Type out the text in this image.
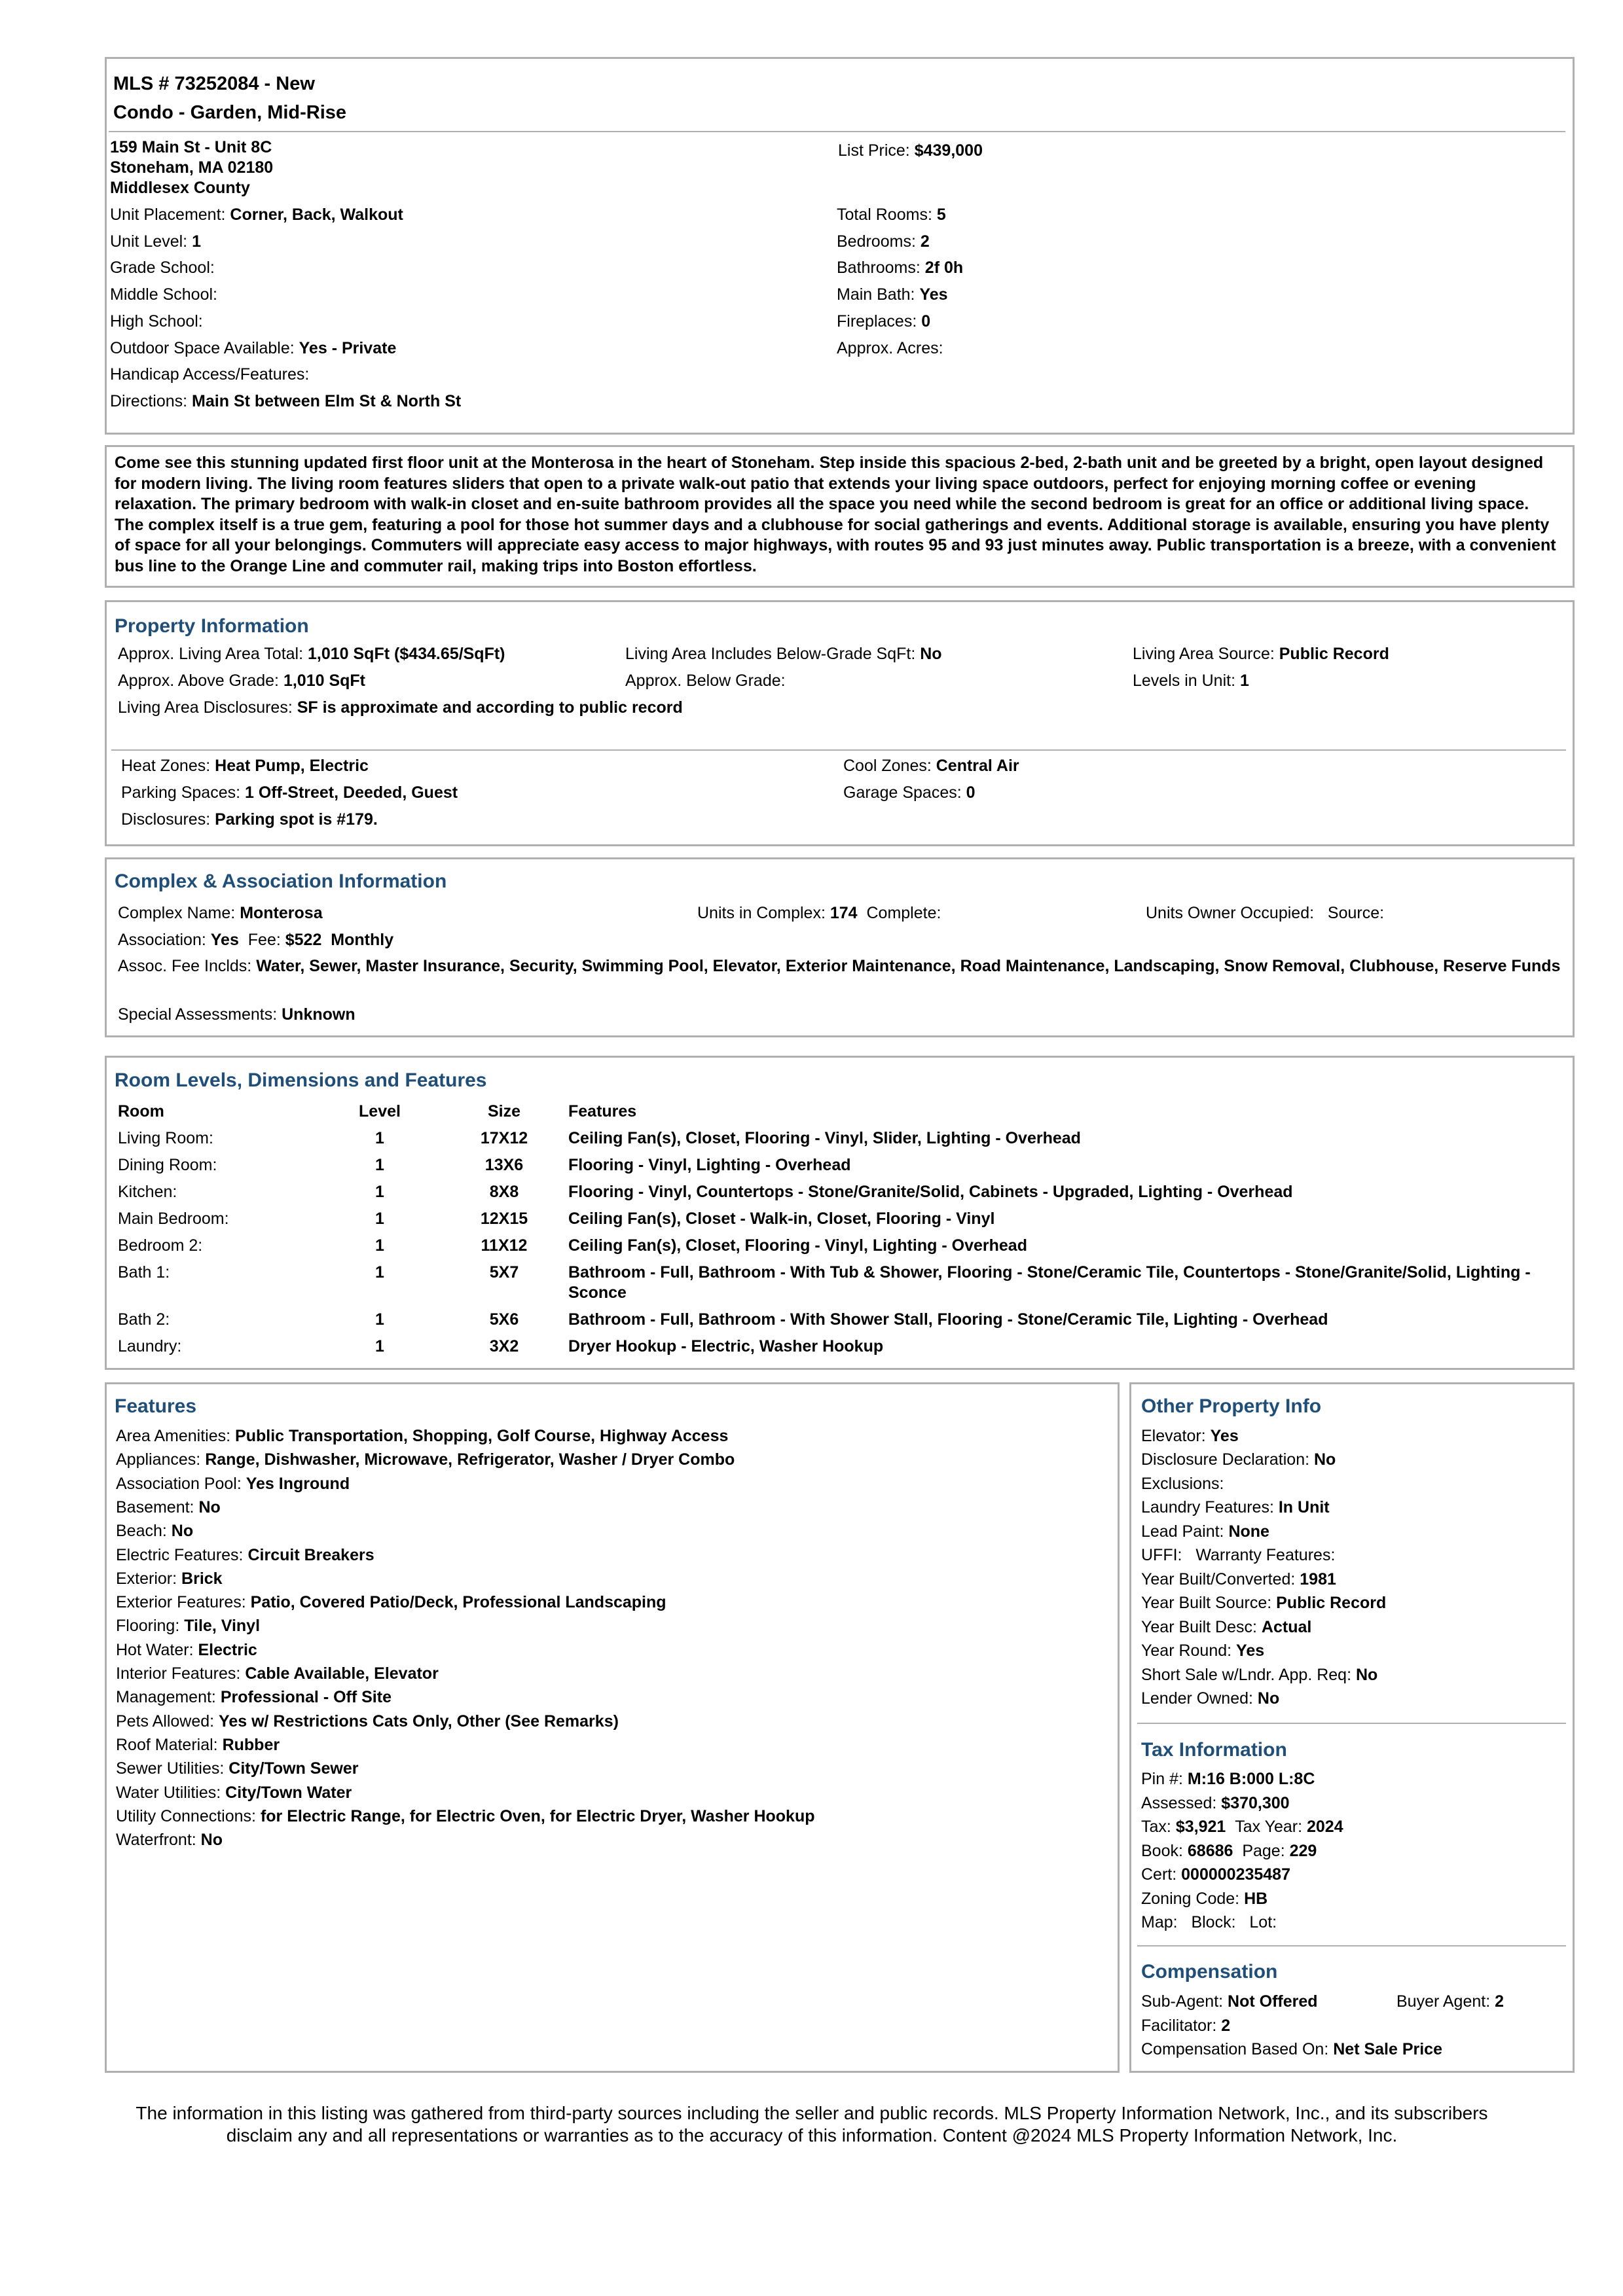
MLS # 73252084 - New
Condo - Garden, Mid-Rise
159 Main St - Unit 8C
Stoneham, MA 02180
Middlesex County
List Price: $439,000
Unit Placement: Corner, Back, Walkout
Unit Level: 1
Grade School:
Middle School:
High School:
Outdoor Space Available: Yes - Private
Handicap Access/Features:
Directions: Main St between Elm St & North St
Total Rooms: 5
Bedrooms: 2
Bathrooms: 2f 0h
Main Bath: Yes
Fireplaces: 0
Approx. Acres:
Come see this stunning updated first floor unit at the Monterosa in the heart of Stoneham. Step inside this spacious 2-bed, 2-bath unit and be greeted by a bright, open layout designed for modern living. The living room features sliders that open to a private walk-out patio that extends your living space outdoors, perfect for enjoying morning coffee or evening relaxation. The primary bedroom with walk-in closet and en-suite bathroom provides all the space you need while the second bedroom is great for an office or additional living space. The complex itself is a true gem, featuring a pool for those hot summer days and a clubhouse for social gatherings and events. Additional storage is available, ensuring you have plenty of space for all your belongings. Commuters will appreciate easy access to major highways, with routes 95 and 93 just minutes away. Public transportation is a breeze, with a convenient bus line to the Orange Line and commuter rail, making trips into Boston effortless.
Property Information
Approx. Living Area Total: 1,010 SqFt ($434.65/SqFt)	Living Area Includes Below-Grade SqFt: No	Living Area Source: Public Record
Approx. Above Grade: 1,010 SqFt	Approx. Below Grade:	Levels in Unit: 1
Living Area Disclosures: SF is approximate and according to public record
Heat Zones: Heat Pump, Electric	Cool Zones: Central Air
Parking Spaces: 1 Off-Street, Deeded, Guest	Garage Spaces: 0
Disclosures: Parking spot is #179.
Complex & Association Information
Complex Name: Monterosa	Units in Complex: 174 Complete:	Units Owner Occupied: Source:
Association: Yes Fee: $522 Monthly
Assoc. Fee Inclds: Water, Sewer, Master Insurance, Security, Swimming Pool, Elevator, Exterior Maintenance, Road Maintenance, Landscaping, Snow Removal, Clubhouse, Reserve Funds
Special Assessments: Unknown
Room Levels, Dimensions and Features
Room	Level	Size	Features
Living Room:	1	17X12	Ceiling Fan(s), Closet, Flooring - Vinyl, Slider, Lighting - Overhead
Dining Room:	1	13X6	Flooring - Vinyl, Lighting - Overhead
Kitchen:	1	8X8	Flooring - Vinyl, Countertops - Stone/Granite/Solid, Cabinets - Upgraded, Lighting - Overhead
Main Bedroom:	1	12X15	Ceiling Fan(s), Closet - Walk-in, Closet, Flooring - Vinyl
Bedroom 2:	1	11X12	Ceiling Fan(s), Closet, Flooring - Vinyl, Lighting - Overhead
Bath 1:	1	5X7	Bathroom - Full, Bathroom - With Tub & Shower, Flooring - Stone/Ceramic Tile, Countertops - Stone/Granite/Solid, Lighting - Sconce
Bath 2:	1	5X6	Bathroom - Full, Bathroom - With Shower Stall, Flooring - Stone/Ceramic Tile, Lighting - Overhead
Laundry:	1	3X2	Dryer Hookup - Electric, Washer Hookup
Features
Area Amenities: Public Transportation, Shopping, Golf Course, Highway Access
Appliances: Range, Dishwasher, Microwave, Refrigerator, Washer / Dryer Combo
Association Pool: Yes Inground
Basement: No
Beach: No
Electric Features: Circuit Breakers
Exterior: Brick
Exterior Features: Patio, Covered Patio/Deck, Professional Landscaping
Flooring: Tile, Vinyl
Hot Water: Electric
Interior Features: Cable Available, Elevator
Management: Professional - Off Site
Pets Allowed: Yes w/ Restrictions Cats Only, Other (See Remarks)
Roof Material: Rubber
Sewer Utilities: City/Town Sewer
Water Utilities: City/Town Water
Utility Connections: for Electric Range, for Electric Oven, for Electric Dryer, Washer Hookup
Waterfront: No
Other Property Info
Elevator: Yes
Disclosure Declaration: No
Exclusions:
Laundry Features: In Unit
Lead Paint: None
UFFI: Warranty Features:
Year Built/Converted: 1981
Year Built Source: Public Record
Year Built Desc: Actual
Year Round: Yes
Short Sale w/Lndr. App. Req: No
Lender Owned: No
Tax Information
Pin #: M:16 B:000 L:8C
Assessed: $370,300
Tax: $3,921 Tax Year: 2024
Book: 68686 Page: 229
Cert: 000000235487
Zoning Code: HB
Map: Block: Lot:
Compensation
Sub-Agent: Not Offered	Buyer Agent: 2
Facilitator: 2
Compensation Based On: Net Sale Price
The information in this listing was gathered from third-party sources including the seller and public records. MLS Property Information Network, Inc., and its subscribers disclaim any and all representations or warranties as to the accuracy of this information. Content @2024 MLS Property Information Network, Inc.
